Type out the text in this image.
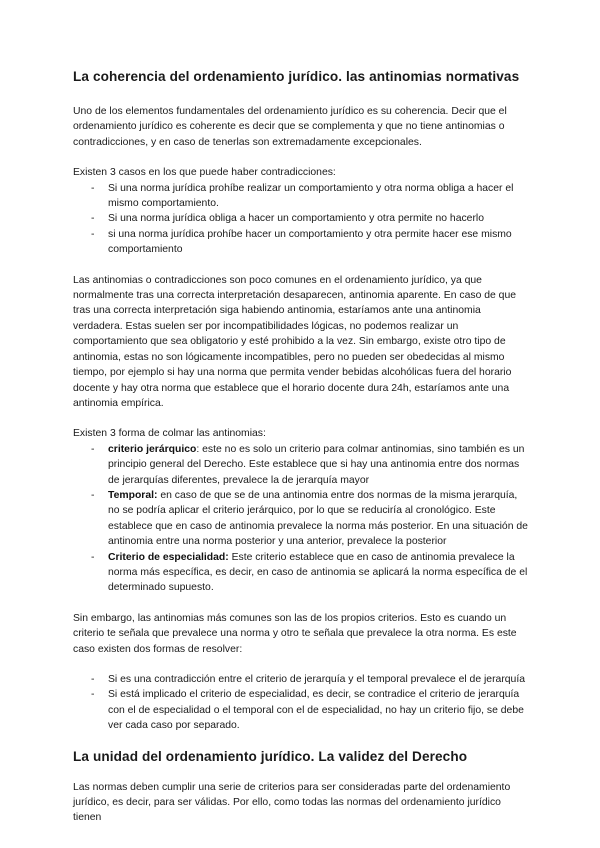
La coherencia del ordenamiento jurídico. las antinomias normativas

Uno de los elementos fundamentales del ordenamiento jurídico es su coherencia. Decir que el ordenamiento jurídico es coherente es decir que se complementa y que no tiene antinomias o contradicciones, y en caso de tenerlas son extremadamente excepcionales.

Existen 3 casos en los que puede haber contradicciones:

- Si una norma jurídica prohíbe realizar un comportamiento y otra norma obliga a hacer el mismo comportamiento.
- Si una norma jurídica obliga a hacer un comportamiento y otra permite no hacerlo
- si una norma jurídica prohíbe hacer un comportamiento y otra permite hacer ese mismo comportamiento

Las antinomias o contradicciones son poco comunes en el ordenamiento jurídico, ya que normalmente tras una correcta interpretación desaparecen, antinomia aparente. En caso de que tras una correcta interpretación siga habiendo antinomia, estaríamos ante una antinomia verdadera. Estas suelen ser por incompatibilidades lógicas, no podemos realizar un comportamiento que sea obligatorio y esté prohibido a la vez. Sin embargo, existe otro tipo de antinomia, estas no son lógicamente incompatibles, pero no pueden ser obedecidas al mismo tiempo, por ejemplo si hay una norma que permita vender bebidas alcohólicas fuera del horario docente y hay otra norma que establece que el horario docente dura 24h, estaríamos ante una antinomia empírica.

Existen 3 forma de colmar las antinomias:

- criterio jerárquico: este no es solo un criterio para colmar antinomias, sino también es un principio general del Derecho. Este establece que si hay una antinomia entre dos normas de jerarquías diferentes, prevalece la de jerarquía mayor
- Temporal: en caso de que se de una antinomia entre dos normas de la misma jerarquía, no se podría aplicar el criterio jerárquico, por lo que se reduciría al cronológico. Este establece que en caso de antinomia prevalece la norma más posterior. En una situación de antinomia entre una norma posterior y una anterior, prevalece la posterior
- Criterio de especialidad: Este criterio establece que en caso de antinomia prevalece la norma más específica, es decir, en caso de antinomia se aplicará la norma específica de el determinado supuesto.

Sin embargo, las antinomias más comunes son las de los propios criterios. Esto es cuando un criterio te señala que prevalece una norma y otro te señala que prevalece la otra norma. Es este caso existen dos formas de resolver:

- Si es una contradicción entre el criterio de jerarquía y el temporal prevalece el de jerarquía
- Si está implicado el criterio de especialidad, es decir, se contradice el criterio de jerarquía con el de especialidad o el temporal con el de especialidad, no hay un criterio fijo, se debe ver cada caso por separado.
La unidad del ordenamiento jurídico. La validez del Derecho

Las normas deben cumplir una serie de criterios para ser consideradas parte del ordenamiento jurídico, es decir, para ser válidas. Por ello, como todas las normas del ordenamiento jurídico tienen
